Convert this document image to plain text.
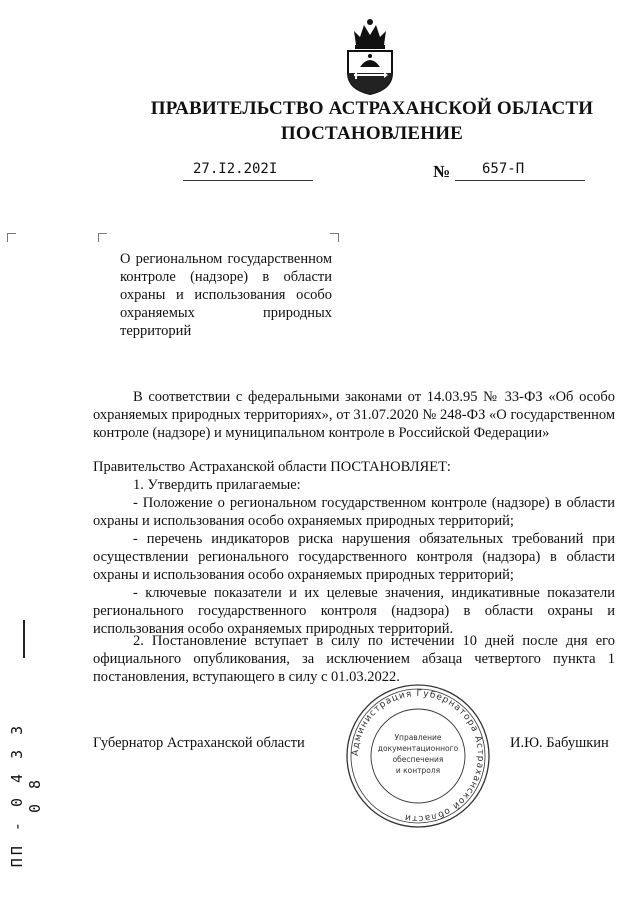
ПРАВИТЕЛЬСТВО АСТРАХАНСКОЙ ОБЛАСТИ
ПОСТАНОВЛЕНИЕ
27.I2.202I	№ 657-П
О региональном государственном контроле (надзоре) в области охраны и использования особо охраняемых природных территорий
В соответствии с федеральными законами от 14.03.95 № 33-ФЗ «Об особо охраняемых природных территориях», от 31.07.2020 № 248-ФЗ «О государственном контроле (надзоре) и муниципальном контроле в Российской Федерации»
Правительство Астраханской области ПОСТАНОВЛЯЕТ:
1. Утвердить прилагаемые:
- Положение о региональном государственном контроле (надзоре) в области охраны и использования особо охраняемых природных территорий;
- перечень индикаторов риска нарушения обязательных требований при осуществлении регионального государственного контроля (надзора) в области охраны и использования особо охраняемых природных территорий;
- ключевые показатели и их целевые значения, индикативные показатели регионального государственного контроля (надзора) в области охраны и использования особо охраняемых природных территорий.
2. Постановление вступает в силу по истечении 10 дней после дня его официального опубликования, за исключением абзаца четвертого пункта 1 постановления, вступающего в силу с 01.03.2022.
Губернатор Астраханской области	И.Ю. Бабушкин
Администрация Губернатора Астраханской области
Управление
документационного
обеспечения
и контроля
ПП - 0 4 3 3 0 8
